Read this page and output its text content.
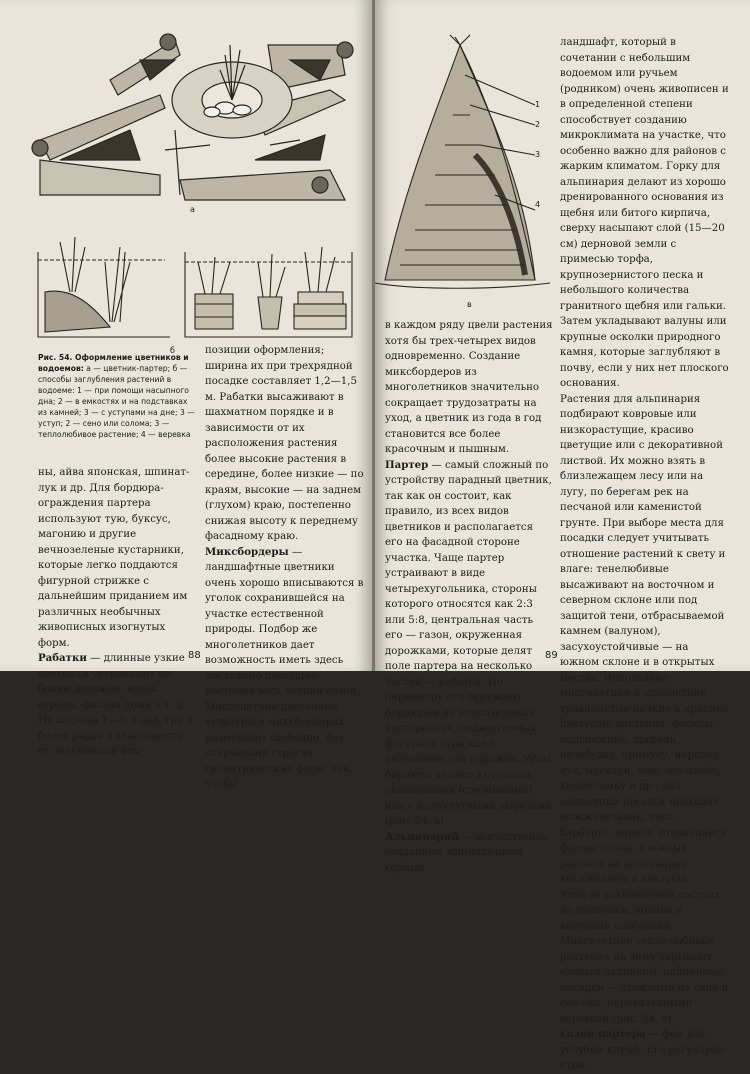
а
б
Рис. 54. Оформление цветников и водоемов: а — цветник-партер; б — способы заглубления растений в водоеме: 1 — при помощи насыпного дна; 2 — в емкостях и на подставках из камней; 3 — с уступами на дне; 3 — уступ; 2 — сено или солома; 3 — теплолюбивое растение; 4 — веревка

ны, айва японская, шпинат-лук и др. Для бордюра-ограждения партера используют тую, буксус, магонию и другие вечнозеленые кустарники, которые легко поддаются фигурной стрижке с дальнейшим приданием им различных необычных живописных изогнутых форм.

Рабатки — длинные узкие цветники устраивают по бокам дорожек, вдоль ограды, фасада дома и т. д. Их ширина 1—3, в два, три и более рядов в зависимости от задуманной ком-

позиции оформления; ширина их при трехрядной посадке составляет 1,2—1,5 м. Рабатки высаживают в шахматном порядке и в зависимости от их расположения растения более высокие растения в середине, более низкие — по краям, высокие — на заднем (глухом) краю, постепенно снижая высоту к переднему фасадному краю.

Миксбордеры — ландшафтные цветники очень хорошо вписываются в уголок сохранившейся на участке естественной природы. Подбор же многолетников дает возможность иметь здесь постоянно цветущие растения весь летний сезон.

Многолетние цветочные культуры в миксбордерах размещают свободно, без сохранения строгих геометрических форм, так, чтобы

88
в
1
2
3
4

ландшафт, который в сочетании с небольшим водоемом или ручьем (родником) очень живописен и в определенной степени способствует созданию микроклимата на участке, что особенно важно для районов с жарким климатом. Горку для альпинария делают из хорошо дренированного основания из щебня или битого кирпича, сверху насыпают слой (15—20 см) дерновой земли с примесью торфа, крупнозернистого песка и небольшого количества гранитного щебня или гальки. Затем укладывают валуны или крупные осколки природного камня, которые заглубляют в почву, если у них нет плоского основания.

Растения для альпинария подбирают ковровые или низкорастущие, красиво цветущие или с декоративной листвой. Их можно взять в близлежащем лесу или на лугу, по берегам рек на песчаной или каменистой грунте. При выборе места для посадки следует учитывать отношение растений к свету и влаге: тенелюбивые высаживают на восточном и северном склоне или под защитой тени, отбрасываемой камнем (валуном), засухоустойчивые — на южном склоне и в открытых местах. Используют многолетние и однолетние травянистые низкие и красиво цветущие растения: флоксы, подснежник, шафран, незабудку, примулу, нарцисс, лук, мускари, мак, эдельвейс, камнеломку и др.; для одиночных посадок подходят можжевельник, тисс, барбарис, вереск, стелющиеся формы сосны, в южных районах на альпинарии высаживают и кактусы.

Уход за альпинарием состоит из прополки, полива и внесения удобрений. Многолетние теплолюбивые растения на зиму укрывают еловым лапником, одиночные посадки — стожками из сена и соломы, перевязанными веревкой (рис. 54, в).

Газон партера — фон для углубых клумб. Его регулярно стри-

в каждом ряду цвели растения хотя бы трех-четырех видов одновременно. Создание миксбордеров из многолетников значительно сокращает трудозатраты на уход, а цветник из года в год становится все более красочным и пышным.

Партер — самый сложный по устройству парадный цветник, так как он состоит, как правило, из всех видов цветников и располагается его на фасадной стороне участка. Чаще партер устраивают в виде четырехугольника, стороны которого относятся как 2:3 или 5:8, центральная часть его — газон, окруженная дорожками, которые делят поле партера на несколько частей — рабаток. По периметру его окружают бордюром из вечнозеленых кустарников, подвергаемых фигурной стрижке с разрывами для дорожек. Углы бордюра делают круглыми, скошенными (срезанными) или с полукруглыми вырезами (рис. 54, а).

Альпинарий — искусственно созданный миниатюрный горный

89
